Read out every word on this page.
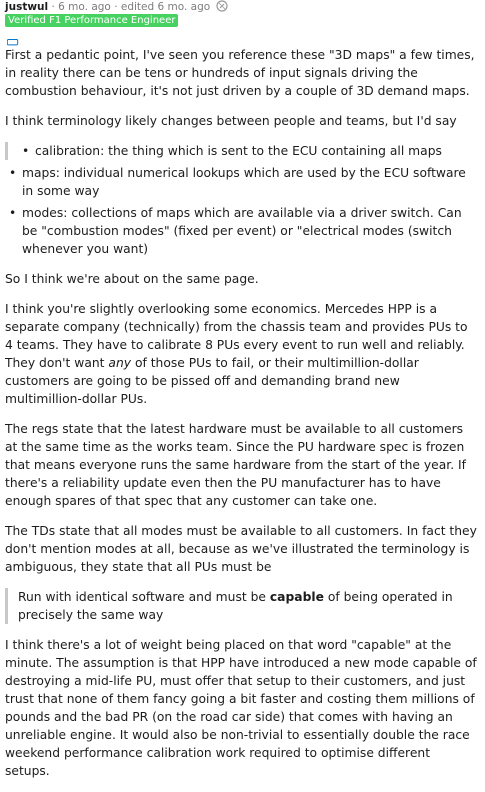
justwul · 6 mo. ago · edited 6 mo. ago
Verified F1 Performance Engineer

First a pedantic point, I've seen you reference these "3D maps" a few times, in reality there can be tens or hundreds of input signals driving the combustion behaviour, it's not just driven by a couple of 3D demand maps.

I think terminology likely changes between people and teams, but I'd say

• calibration: the thing which is sent to the ECU containing all maps
• maps: individual numerical lookups which are used by the ECU software in some way
• modes: collections of maps which are available via a driver switch. Can be "combustion modes" (fixed per event) or "electrical modes (switch whenever you want)

So I think we're about on the same page.

I think you're slightly overlooking some economics. Mercedes HPP is a separate company (technically) from the chassis team and provides PUs to 4 teams. They have to calibrate 8 PUs every event to run well and reliably. They don't want any of those PUs to fail, or their multimillion-dollar customers are going to be pissed off and demanding brand new multimillion-dollar PUs.

The regs state that the latest hardware must be available to all customers at the same time as the works team. Since the PU hardware spec is frozen that means everyone runs the same hardware from the start of the year. If there's a reliability update even then the PU manufacturer has to have enough spares of that spec that any customer can take one.

The TDs state that all modes must be available to all customers. In fact they don't mention modes at all, because as we've illustrated the terminology is ambiguous, they state that all PUs must be

Run with identical software and must be capable of being operated in precisely the same way

I think there's a lot of weight being placed on that word "capable" at the minute. The assumption is that HPP have introduced a new mode capable of destroying a mid-life PU, must offer that setup to their customers, and just trust that none of them fancy going a bit faster and costing them millions of pounds and the bad PR (on the road car side) that comes with having an unreliable engine. It would also be non-trivial to essentially double the race weekend performance calibration work required to optimise different setups.
